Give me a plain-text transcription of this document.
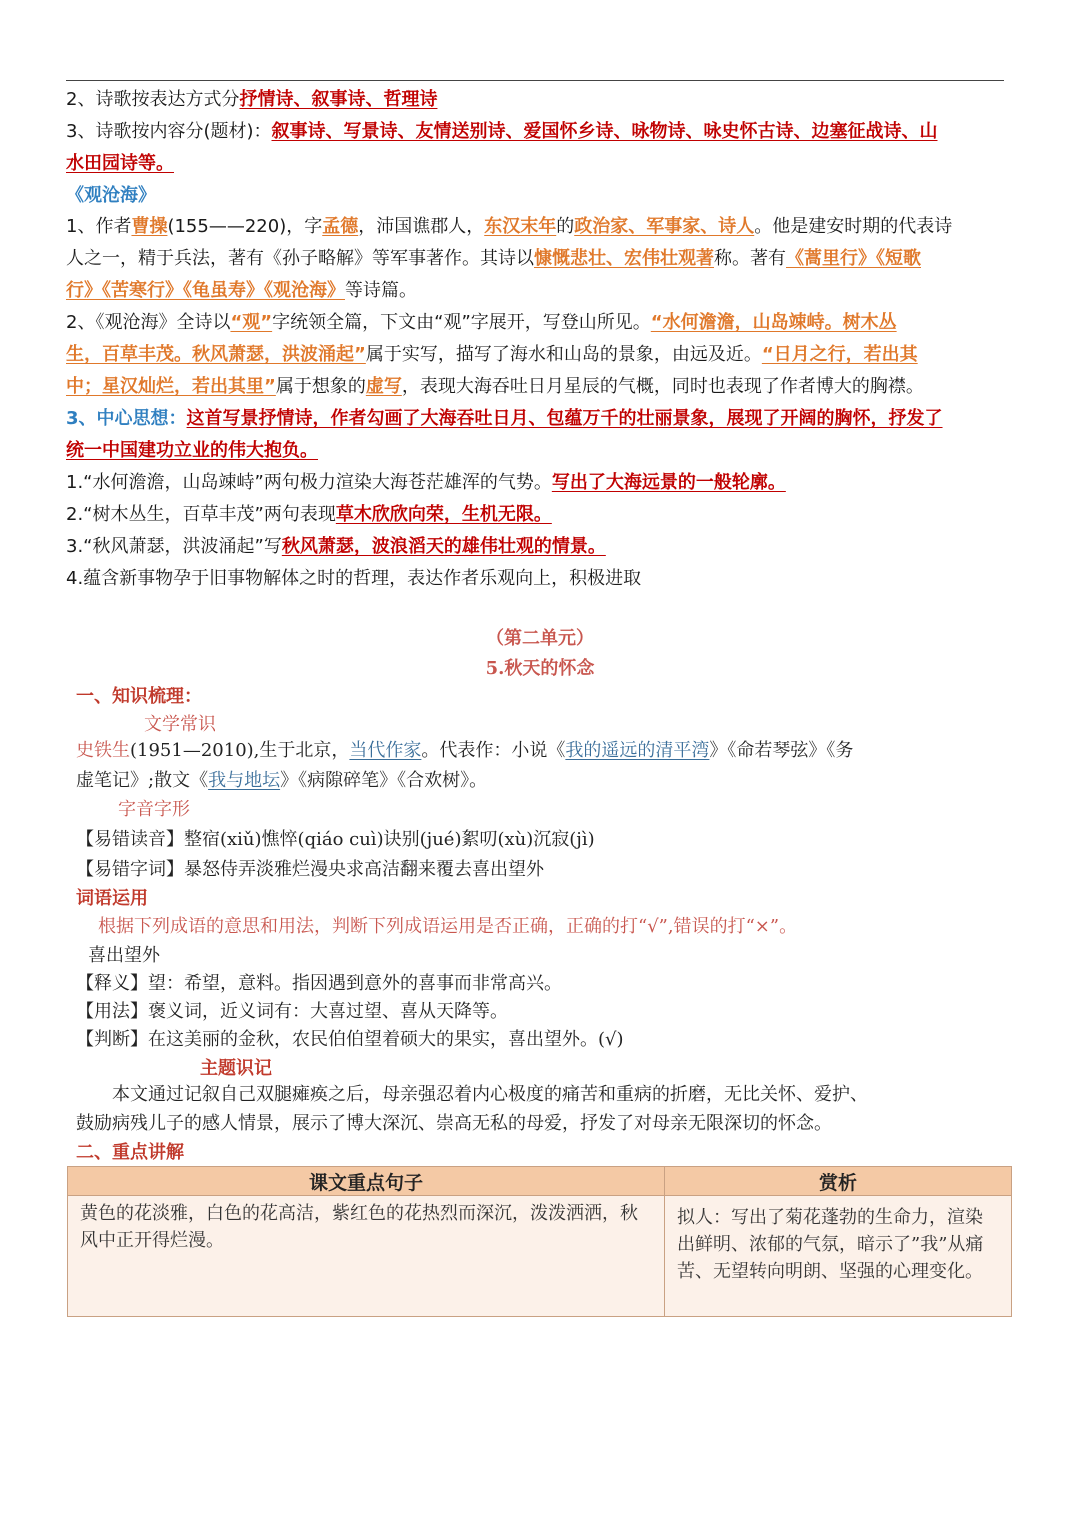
2、诗歌按表达方式分抒情诗、叙事诗、哲理诗
3、诗歌按内容分(题材)：叙事诗、写景诗、友情送别诗、爱国怀乡诗、咏物诗、咏史怀古诗、边塞征战诗、山
水田园诗等。
《观沧海》
1、作者曹操(155——220)，字孟德，沛国谯郡人，东汉末年的政治家、军事家、诗人。他是建安时期的代表诗
人之一，精于兵法，著有《孙子略解》等军事著作。其诗以慷慨悲壮、宏伟壮观著称。著有《蒿里行》《短歌
行》《苦寒行》《龟虽寿》《观沧海》等诗篇。
2、《观沧海》全诗以“观”字统领全篇，下文由“观”字展开，写登山所见。“水何澹澹，山岛竦峙。树木丛
生，百草丰茂。秋风萧瑟，洪波涌起”属于实写，描写了海水和山岛的景象，由远及近。“日月之行，若出其
中；星汉灿烂，若出其里”属于想象的虚写，表现大海吞吐日月星辰的气概，同时也表现了作者博大的胸襟。
3、中心思想：这首写景抒情诗，作者勾画了大海吞吐日月、包蕴万千的壮丽景象，展现了开阔的胸怀，抒发了
统一中国建功立业的伟大抱负。
1.“水何澹澹，山岛竦峙”两句极力渲染大海苍茫雄浑的气势。写出了大海远景的一般轮廓。
2.“树木丛生，百草丰茂”两句表现草木欣欣向荣，生机无限。
3.“秋风萧瑟，洪波涌起”写秋风萧瑟，波浪滔天的雄伟壮观的情景。
4.蕴含新事物孕于旧事物解体之时的哲理，表达作者乐观向上，积极进取
（第二单元）
5.秋天的怀念
一、知识梳理：
文学常识
史铁生(1951—2010),生于北京，当代作家。代表作：小说《我的遥远的清平湾》《命若琴弦》《务
虚笔记》;散文《我与地坛》《病隙碎笔》《合欢树》。
字音字形
【易错读音】整宿(xiǔ)憔悴(qiáo cuì)诀别(jué)絮叨(xù)沉寂(jì)
【易错字词】暴怒侍弄淡雅烂漫央求高洁翻来覆去喜出望外
词语运用
根据下列成语的意思和用法，判断下列成语运用是否正确，正确的打“√”,错误的打“×”。
喜出望外
【释义】望：希望，意料。指因遇到意外的喜事而非常高兴。
【用法】褒义词，近义词有：大喜过望、喜从天降等。
【判断】在这美丽的金秋，农民伯伯望着硕大的果实，喜出望外。(√)
主题识记
本文通过记叙自己双腿瘫痪之后，母亲强忍着内心极度的痛苦和重病的折磨，无比关怀、爱护、
鼓励病残儿子的感人情景，展示了博大深沉、崇高无私的母爱，抒发了对母亲无限深切的怀念。
二、重点讲解
课文重点句子	赏析
黄色的花淡雅，白色的花高洁，紫红色的花热烈而深沉，泼泼洒洒，秋风中正开得烂漫。	拟人：写出了菊花蓬勃的生命力，渲染出鲜明、浓郁的气氛，暗示了”我”从痛苦、无望转向明朗、坚强的心理变化。
